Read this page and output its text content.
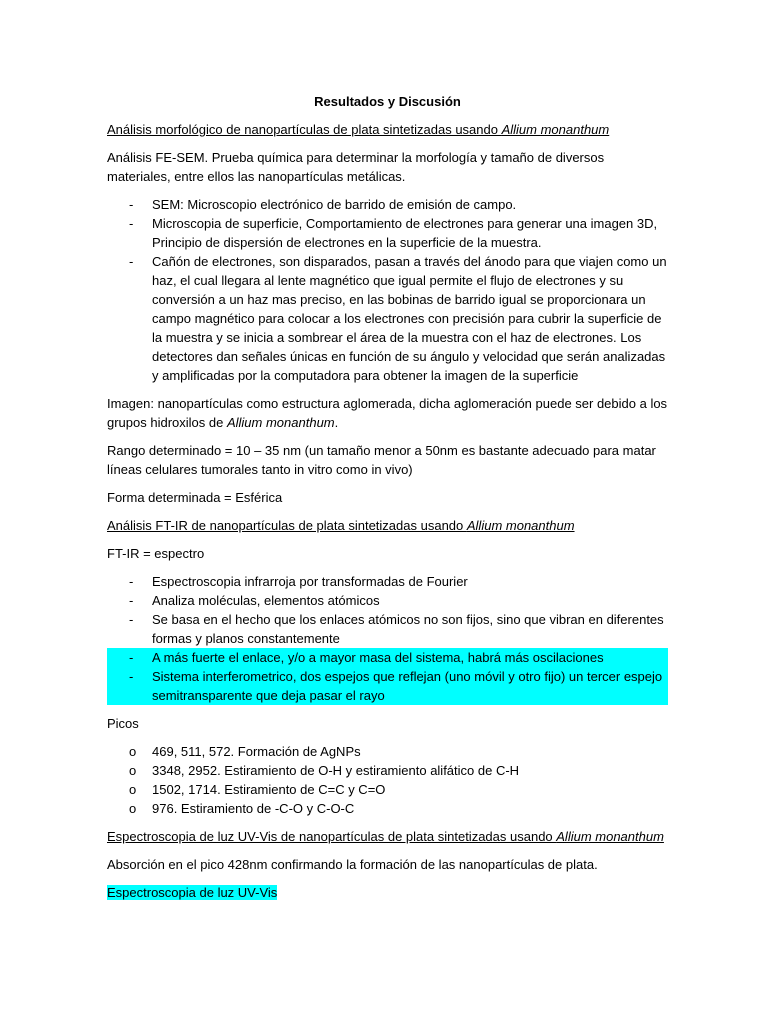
Resultados y Discusión

Análisis morfológico de nanopartículas de plata sintetizadas usando Allium monanthum

Análisis FE-SEM. Prueba química para determinar la morfología y tamaño de diversos materiales, entre ellos las nanopartículas metálicas.

- SEM: Microscopio electrónico de barrido de emisión de campo.
- Microscopia de superficie, Comportamiento de electrones para generar una imagen 3D, Principio de dispersión de electrones en la superficie de la muestra.
- Cañón de electrones, son disparados, pasan a través del ánodo para que viajen como un haz, el cual llegara al lente magnético que igual permite el flujo de electrones y su conversión a un haz mas preciso, en las bobinas de barrido igual se proporcionara un campo magnético para colocar a los electrones con precisión para cubrir la superficie de la muestra y se inicia a sombrear el área de la muestra con el haz de electrones. Los detectores dan señales únicas en función de su ángulo y velocidad que serán analizadas y amplificadas por la computadora para obtener la imagen de la superficie

Imagen: nanopartículas como estructura aglomerada, dicha aglomeración puede ser debido a los grupos hidroxilos de Allium monanthum.

Rango determinado = 10 – 35 nm (un tamaño menor a 50nm es bastante adecuado para matar líneas celulares tumorales tanto in vitro como in vivo)

Forma determinada = Esférica

Análisis FT-IR de nanopartículas de plata sintetizadas usando Allium monanthum

FT-IR = espectro

- Espectroscopia infrarroja por transformadas de Fourier
- Analiza moléculas, elementos atómicos
- Se basa en el hecho que los enlaces atómicos no son fijos, sino que vibran en diferentes formas y planos constantemente
- A más fuerte el enlace, y/o a mayor masa del sistema, habrá más oscilaciones
- Sistema interferometrico, dos espejos que reflejan (uno móvil y otro fijo) un tercer espejo semitransparente que deja pasar el rayo

Picos

o 469, 511, 572. Formación de AgNPs
o 3348, 2952. Estiramiento de O-H y estiramiento alifático de C-H
o 1502, 1714. Estiramiento de C=C y C=O
o 976. Estiramiento de -C-O y C-O-C

Espectroscopia de luz UV-Vis de nanopartículas de plata sintetizadas usando Allium monanthum

Absorción en el pico 428nm confirmando la formación de las nanopartículas de plata.

Espectroscopia de luz UV-Vis
